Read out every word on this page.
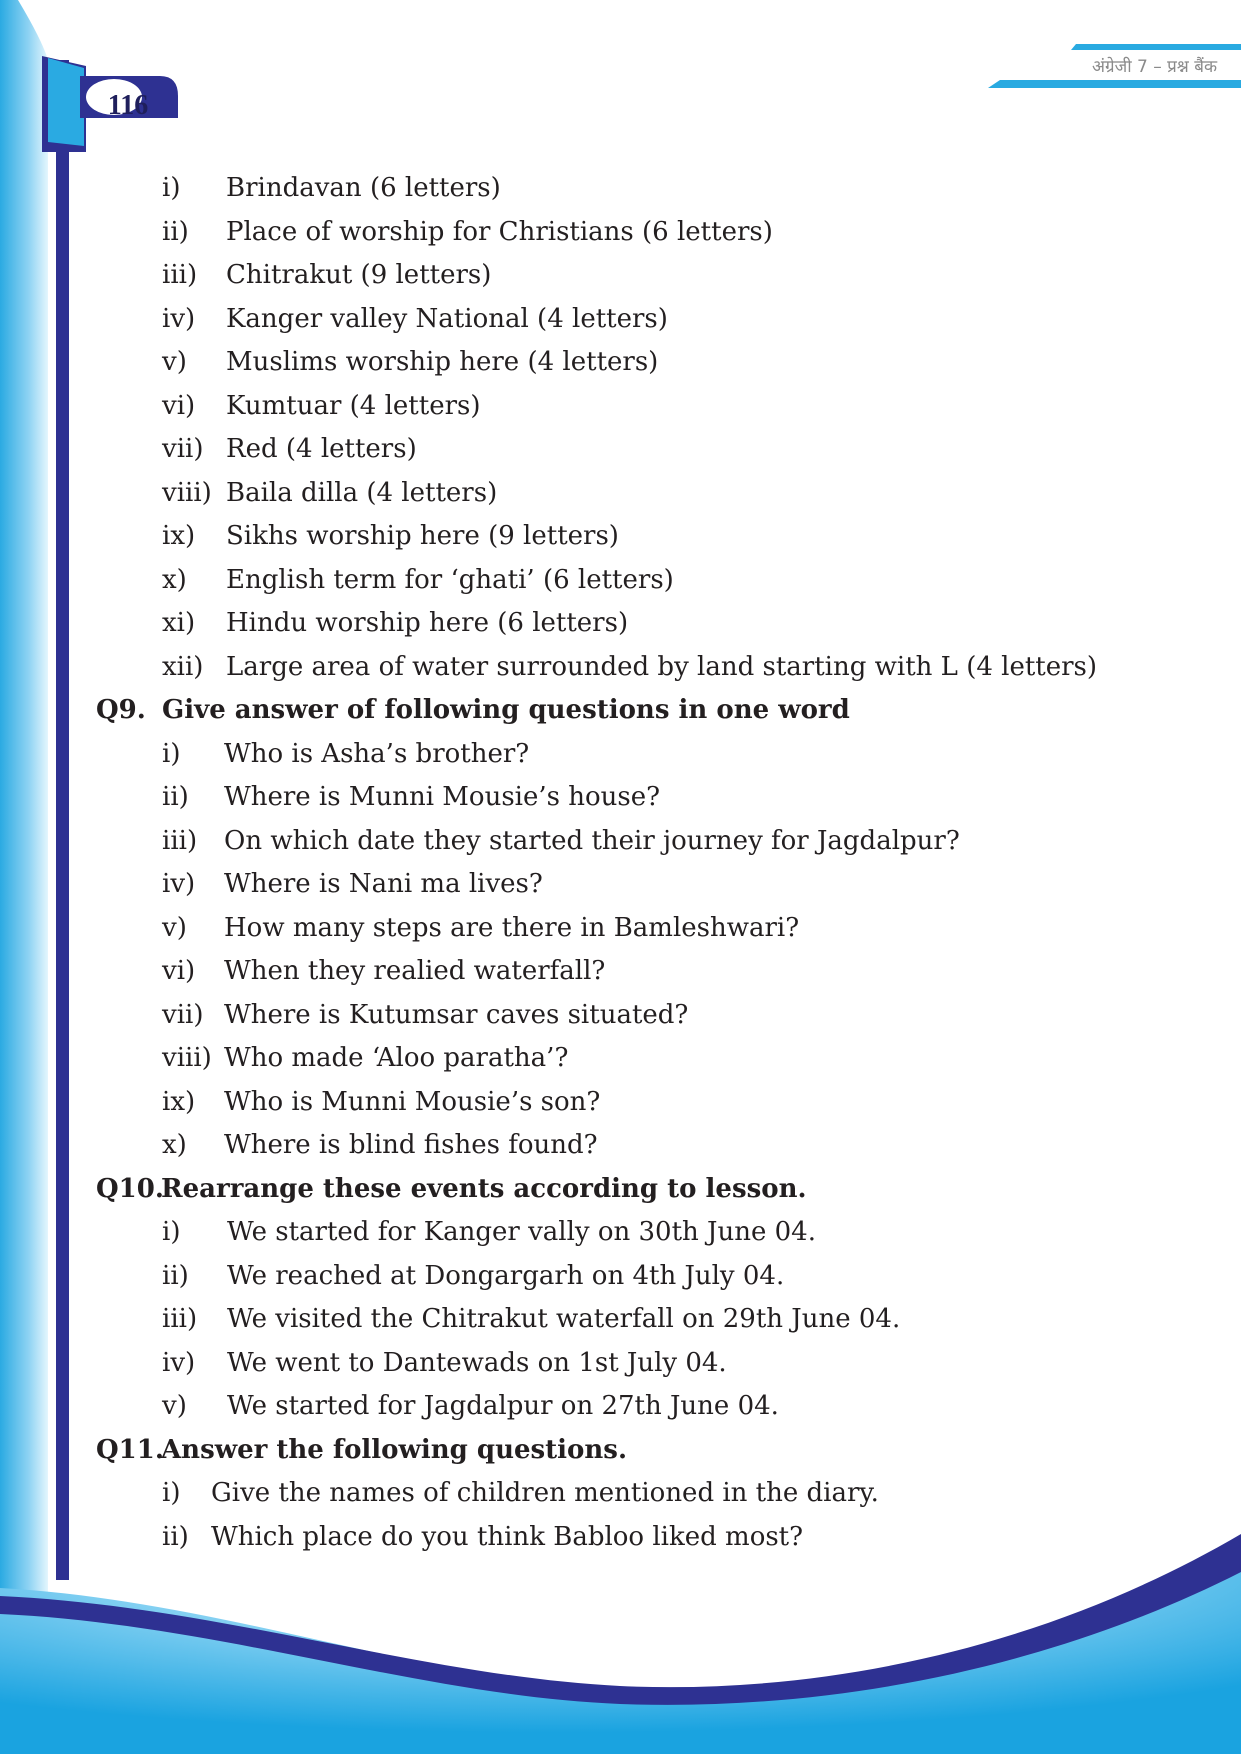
116
अंग्रेजी 7 – प्रश्न बैंक
i) Brindavan (6 letters)
ii) Place of worship for Christians (6 letters)
iii) Chitrakut (9 letters)
iv) Kanger valley National (4 letters)
v) Muslims worship here (4 letters)
vi) Kumtuar (4 letters)
vii) Red (4 letters)
viii) Baila dilla (4 letters)
ix) Sikhs worship here (9 letters)
x) English term for ‘ghati’ (6 letters)
xi) Hindu worship here (6 letters)
xii) Large area of water surrounded by land starting with L (4 letters)
Q9. Give answer of following questions in one word
i) Who is Asha’s brother?
ii) Where is Munni Mousie’s house?
iii) On which date they started their journey for Jagdalpur?
iv) Where is Nani ma lives?
v) How many steps are there in Bamleshwari?
vi) When they realied waterfall?
vii) Where is Kutumsar caves situated?
viii) Who made ‘Aloo paratha’?
ix) Who is Munni Mousie’s son?
x) Where is blind fishes found?
Q10.
Rearrange these events according to lesson.
i) We started for Kanger vally on 30th June 04.
ii) We reached at Dongargarh on 4th July 04.
iii) We visited the Chitrakut waterfall on 29th June 04.
iv) We went to Dantewads on 1st July 04.
v) We started for Jagdalpur on 27th June 04.
Q11.
Answer the following questions.
i) Give the names of children mentioned in the diary.
ii) Which place do you think Babloo liked most?
